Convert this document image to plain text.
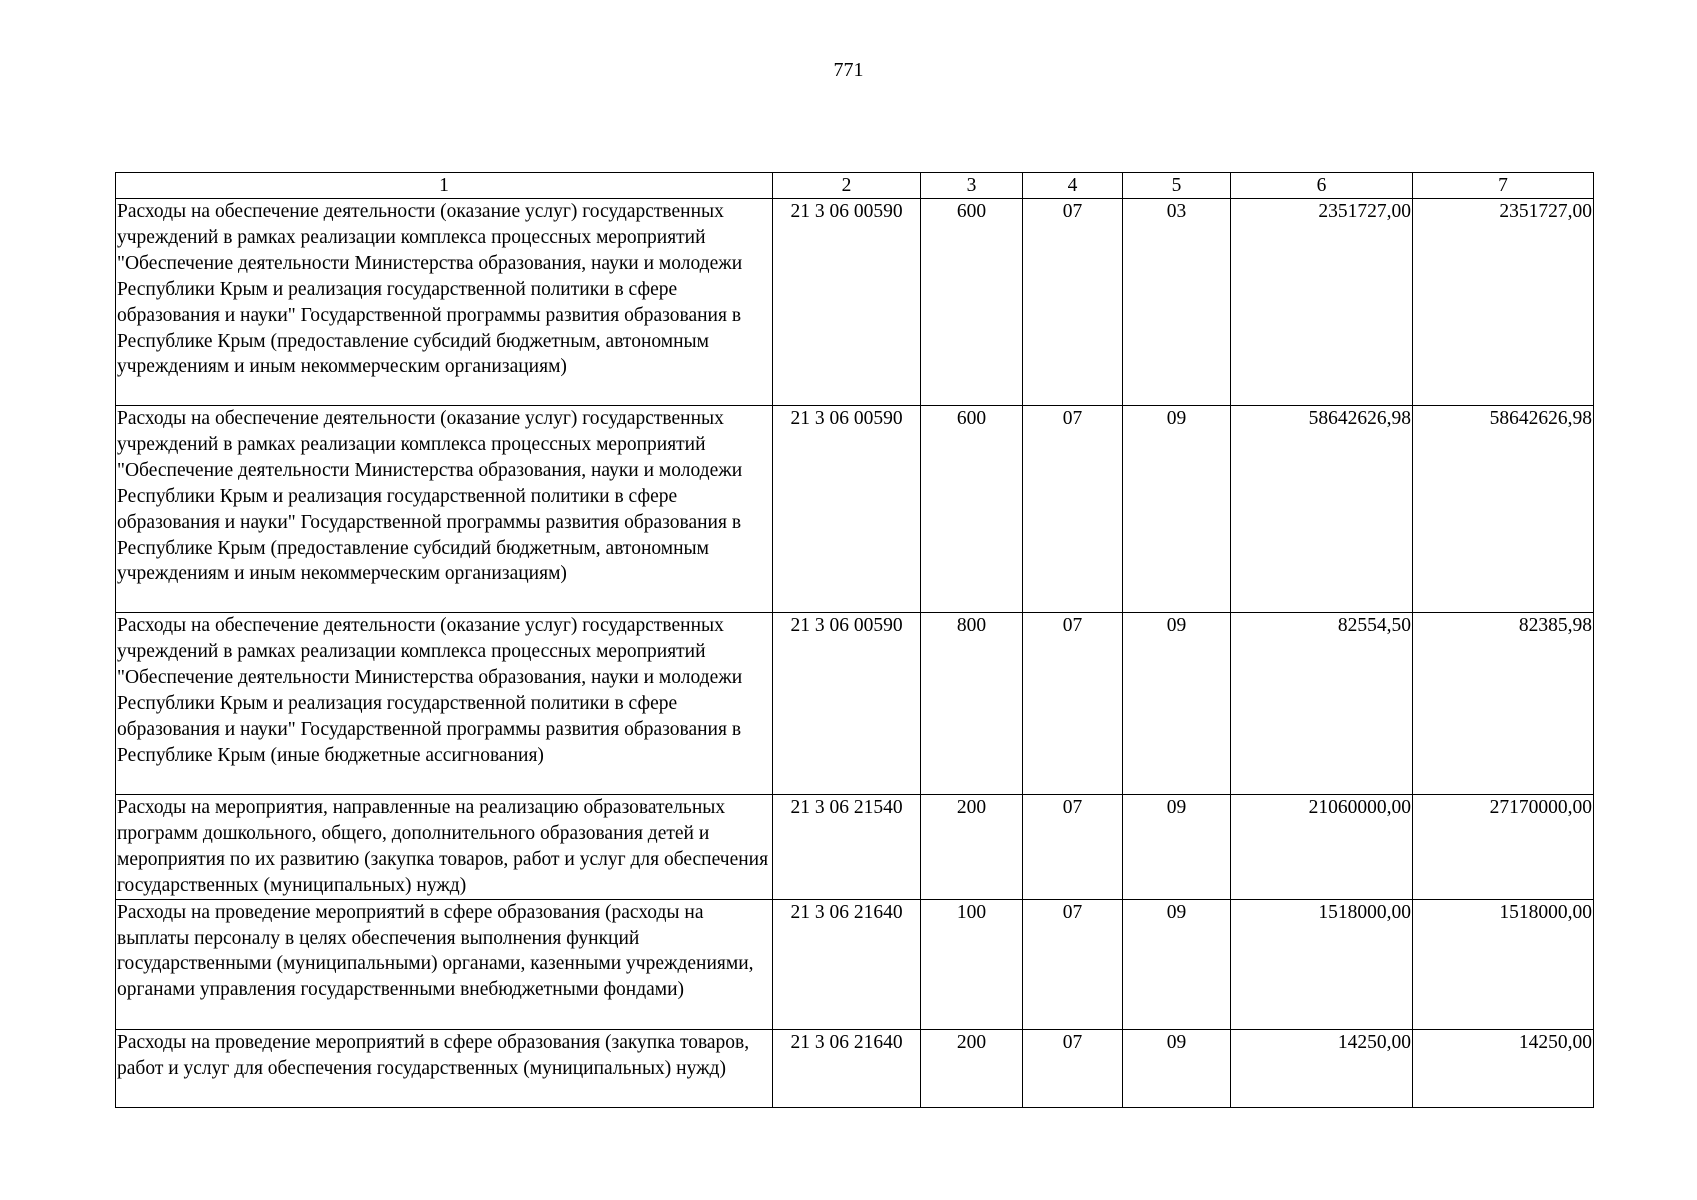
771
1	2	3	4	5	6	7
Расходы на обеспечение деятельности (оказание услуг) государственных учреждений в рамках реализации комплекса процессных мероприятий "Обеспечение деятельности Министерства образования, науки и молодежи Республики Крым и реализация государственной политики в сфере образования и науки" Государственной программы развития образования в Республике Крым (предоставление субсидий бюджетным, автономным учреждениям и иным некоммерческим организациям)	21 3 06 00590	600	07	03	2351727,00	2351727,00
Расходы на обеспечение деятельности (оказание услуг) государственных учреждений в рамках реализации комплекса процессных мероприятий "Обеспечение деятельности Министерства образования, науки и молодежи Республики Крым и реализация государственной политики в сфере образования и науки" Государственной программы развития образования в Республике Крым (предоставление субсидий бюджетным, автономным учреждениям и иным некоммерческим организациям)	21 3 06 00590	600	07	09	58642626,98	58642626,98
Расходы на обеспечение деятельности (оказание услуг) государственных учреждений в рамках реализации комплекса процессных мероприятий "Обеспечение деятельности Министерства образования, науки и молодежи Республики Крым и реализация государственной политики в сфере образования и науки" Государственной программы развития образования в Республике Крым (иные бюджетные ассигнования)	21 3 06 00590	800	07	09	82554,50	82385,98
Расходы на мероприятия, направленные на реализацию образовательных программ дошкольного, общего, дополнительного образования детей и мероприятия по их развитию (закупка товаров, работ и услуг для обеспечения государственных (муниципальных) нужд)	21 3 06 21540	200	07	09	21060000,00	27170000,00
Расходы на проведение мероприятий в сфере образования (расходы на выплаты персоналу в целях обеспечения выполнения функций государственными (муниципальными) органами, казенными учреждениями, органами управления государственными внебюджетными фондами)	21 3 06 21640	100	07	09	1518000,00	1518000,00
Расходы на проведение мероприятий в сфере образования (закупка товаров, работ и услуг для обеспечения государственных (муниципальных) нужд)	21 3 06 21640	200	07	09	14250,00	14250,00
